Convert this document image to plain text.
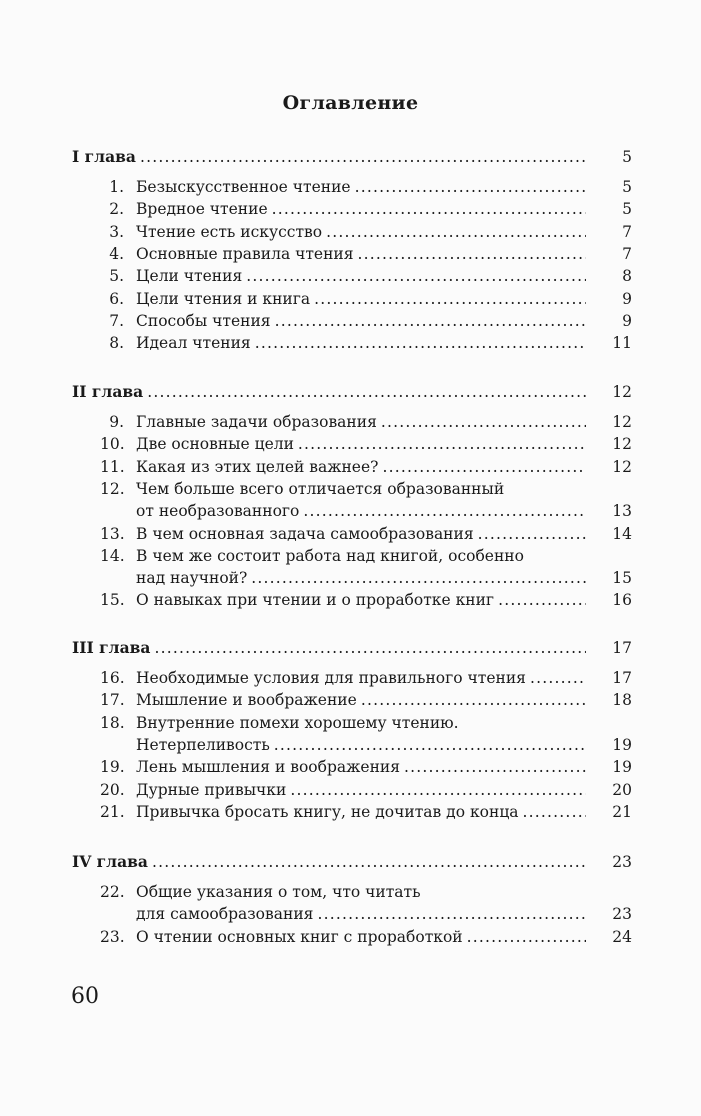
Оглавление
I глава .....	5
1. Безыскусственное чтение .....	5
2. Вредное чтение .....	5
3. Чтение есть искусство .....	7
4. Основные правила чтения .....	7
5. Цели чтения .....	8
6. Цели чтения и книга .....	9
7. Способы чтения .....	9
8. Идеал чтения .....	11
II глава .....	12
9. Главные задачи образования .....	12
10. Две основные цели .....	12
11. Какая из этих целей важнее? .....	12
12. Чем больше всего отличается образованный
от необразованного .....	13
13. В чем основная задача самообразования .....	14
14. В чем же состоит работа над книгой, особенно
над научной? .....	15
15. О навыках при чтении и о проработке книг .....	16
III глава .....	17
16. Необходимые условия для правильного чтения .....	17
17. Мышление и воображение .....	18
18. Внутренние помехи хорошему чтению.
Нетерпеливость .....	19
19. Лень мышления и воображения .....	19
20. Дурные привычки .....	20
21. Привычка бросать книгу, не дочитав до конца .....	21
IV глава .....	23
22. Общие указания о том, что читать
для самообразования .....	23
23. О чтении основных книг с проработкой .....	24
60
